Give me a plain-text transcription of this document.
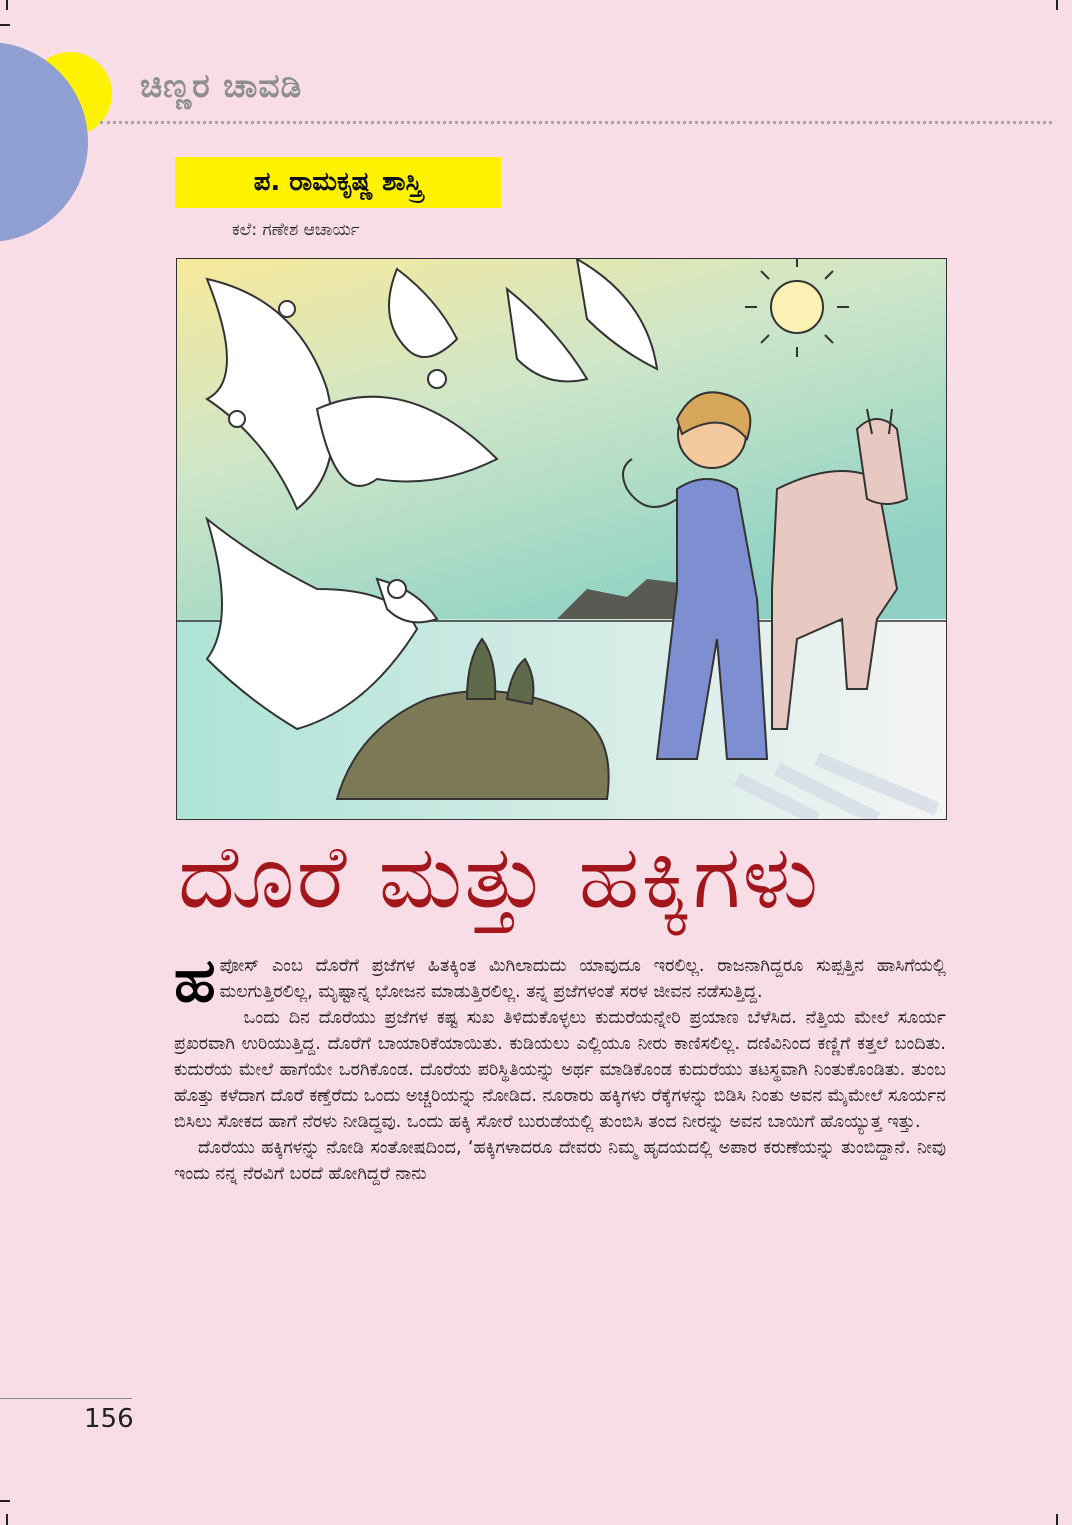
ಚಿಣ್ಣರ ಚಾವಡಿ
ಪ. ರಾಮಕೃಷ್ಣ ಶಾಸ್ತ್ರಿ
ಕಲೆ: ಗಣೇಶ ಆಚಾರ್ಯ
ದೊರೆ ಮತ್ತು ಹಕ್ಕಿಗಳು

ಹಪೋಸ್ ಎಂಬ ದೊರೆಗೆ ಪ್ರಜೆಗಳ ಹಿತಕ್ಕಿಂತ ಮಿಗಿಲಾದುದು ಯಾವುದೂ ಇರಲಿಲ್ಲ. ರಾಜನಾಗಿದ್ದರೂ ಸುಪ್ಪತ್ತಿನ ಹಾಸಿಗೆಯಲ್ಲಿ ಮಲಗುತ್ತಿರಲಿಲ್ಲ, ಮೃಷ್ಟಾನ್ನ ಭೋಜನ ಮಾಡುತ್ತಿರಲಿಲ್ಲ. ತನ್ನ ಪ್ರಜೆಗಳಂತೆ ಸರಳ ಜೀವನ ನಡೆಸುತ್ತಿದ್ದ.

ಒಂದು ದಿನ ದೊರೆಯು ಪ್ರಜೆಗಳ ಕಷ್ಟ ಸುಖ ತಿಳಿದುಕೊಳ್ಳಲು ಕುದುರೆಯನ್ನೇರಿ ಪ್ರಯಾಣ ಬೆಳೆಸಿದ. ನೆತ್ತಿಯ ಮೇಲೆ ಸೂರ್ಯ ಪ್ರಖರವಾಗಿ ಉರಿಯುತ್ತಿದ್ದ. ದೊರೆಗೆ ಬಾಯಾರಿಕೆಯಾಯಿತು. ಕುಡಿಯಲು ಎಲ್ಲಿಯೂ ನೀರು ಕಾಣಿಸಲಿಲ್ಲ. ದಣಿವಿನಿಂದ ಕಣ್ಣಿಗೆ ಕತ್ತಲೆ ಬಂದಿತು. ಕುದುರೆಯ ಮೇಲೆ ಹಾಗೆಯೇ ಒರಗಿಕೊಂಡ. ದೊರೆಯ ಪರಿಸ್ಥಿತಿಯನ್ನು ಅರ್ಥ ಮಾಡಿಕೊಂಡ ಕುದುರೆಯು ತಟಸ್ಥವಾಗಿ ನಿಂತುಕೊಂಡಿತು. ತುಂಬ ಹೊತ್ತು ಕಳೆದಾಗ ದೊರೆ ಕಣ್ತೆರೆದು ಒಂದು ಅಚ್ಚರಿಯನ್ನು ನೋಡಿದ. ನೂರಾರು ಹಕ್ಕಿಗಳು ರೆಕ್ಕೆಗಳನ್ನು ಬಿಡಿಸಿ ನಿಂತು ಅವನ ಮೈಮೇಲೆ ಸೂರ್ಯನ ಬಿಸಿಲು ಸೋಕದ ಹಾಗೆ ನೆರಳು ನೀಡಿದ್ದವು. ಒಂದು ಹಕ್ಕಿ ಸೋರೆ ಬುರುಡೆಯಲ್ಲಿ ತುಂಬಿಸಿ ತಂದ ನೀರನ್ನು ಅವನ ಬಾಯಿಗೆ ಹೊಯ್ಯುತ್ತ ಇತ್ತು.

ದೊರೆಯು ಹಕ್ಕಿಗಳನ್ನು ನೋಡಿ ಸಂತೋಷದಿಂದ, ‘ಹಕ್ಕಿಗಳಾದರೂ ದೇವರು ನಿಮ್ಮ ಹೃದಯದಲ್ಲಿ ಅಪಾರ ಕರುಣೆಯನ್ನು ತುಂಬಿದ್ದಾನೆ. ನೀವು ಇಂದು ನನ್ನ ನೆರವಿಗೆ ಬರದೆ ಹೋಗಿದ್ದರೆ ನಾನು

156
